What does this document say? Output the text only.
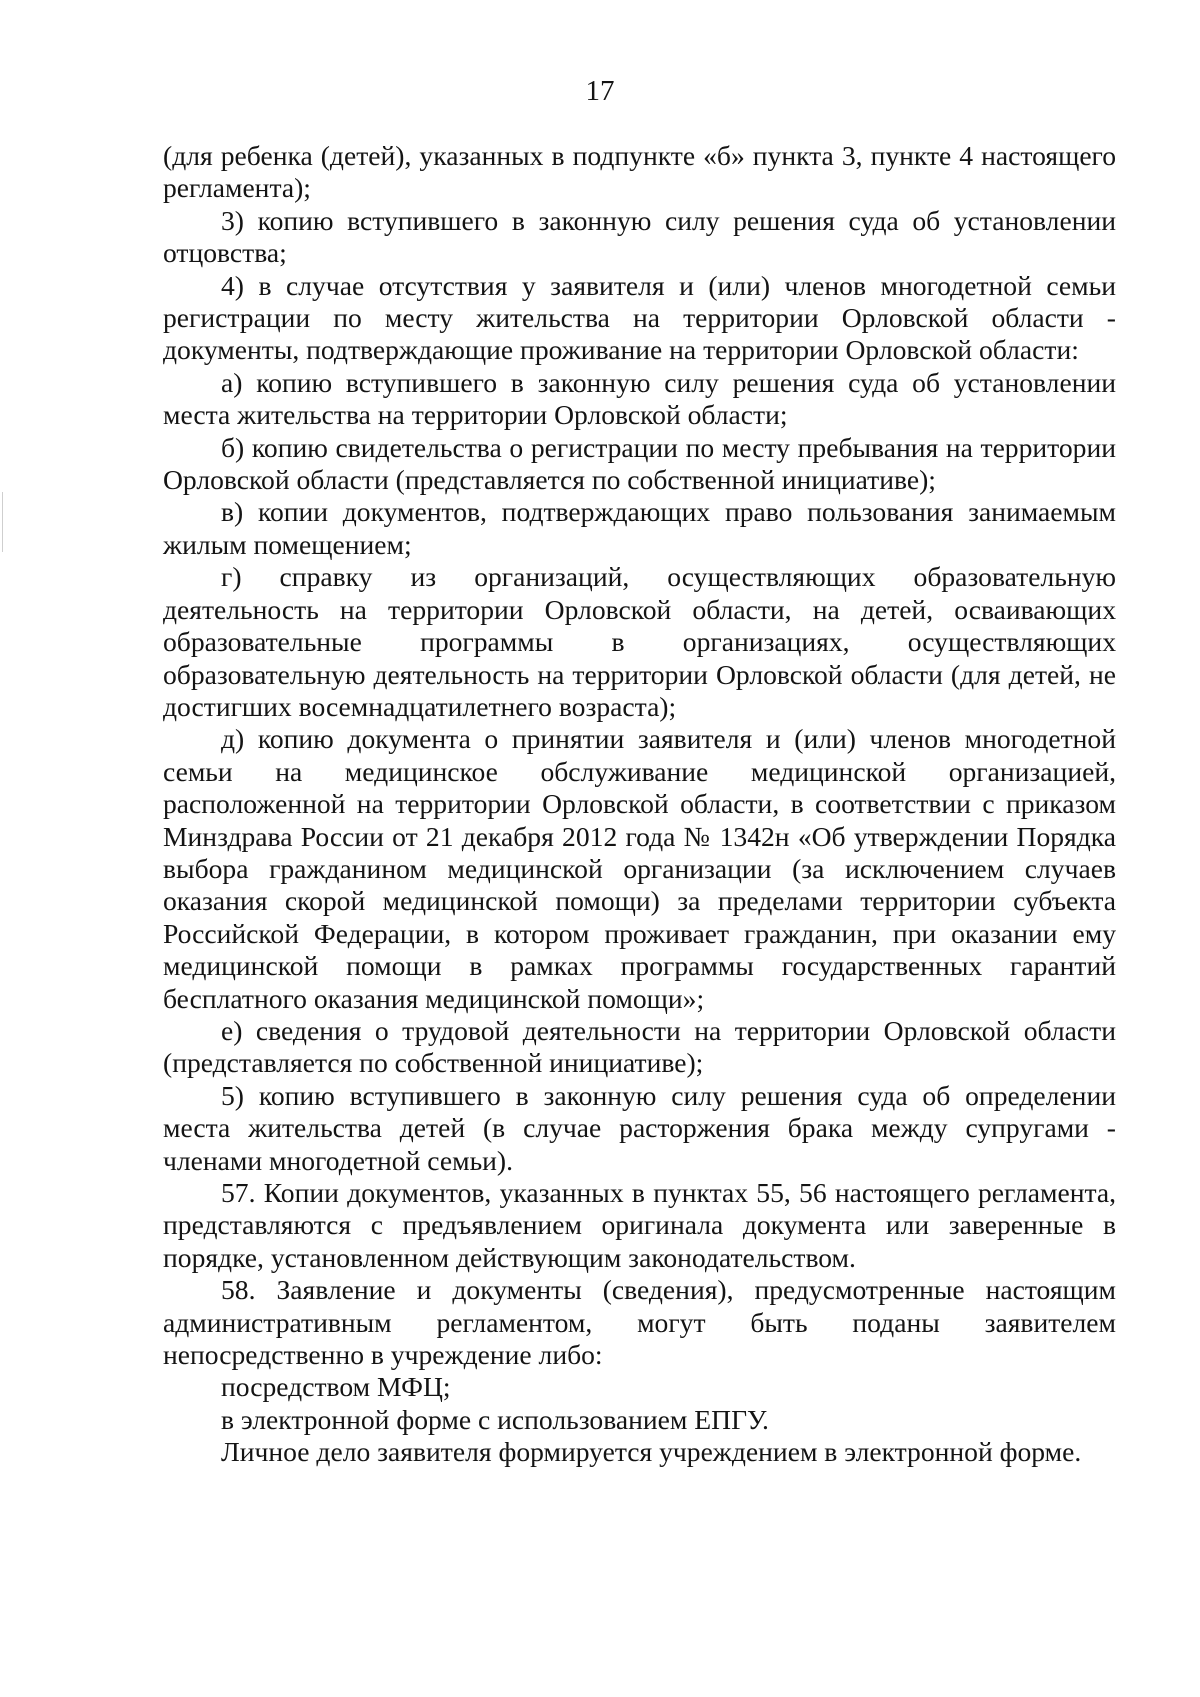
17

(для ребенка (детей), указанных в подпункте «б» пункта 3, пункте 4 настоящего регламента);

3) копию вступившего в законную силу решения суда об установлении отцовства;

4) в случае отсутствия у заявителя и (или) членов многодетной семьи регистрации по месту жительства на территории Орловской области - документы, подтверждающие проживание на территории Орловской области:

а) копию вступившего в законную силу решения суда об установлении места жительства на территории Орловской области;

б) копию свидетельства о регистрации по месту пребывания на территории Орловской области (представляется по собственной инициативе);

в) копии документов, подтверждающих право пользования занимаемым жилым помещением;

г) справку из организаций, осуществляющих образовательную деятельность на территории Орловской области, на детей, осваивающих образовательные программы в организациях, осуществляющих образовательную деятельность на территории Орловской области (для детей, не достигших восемнадцатилетнего возраста);

д) копию документа о принятии заявителя и (или) членов многодетной семьи на медицинское обслуживание медицинской организацией, расположенной на территории Орловской области, в соответствии с приказом Минздрава России от 21 декабря 2012 года № 1342н «Об утверждении Порядка выбора гражданином медицинской организации (за исключением случаев оказания скорой медицинской помощи) за пределами территории субъекта Российской Федерации, в котором проживает гражданин, при оказании ему медицинской помощи в рамках программы государственных гарантий бесплатного оказания медицинской помощи»;

е) сведения о трудовой деятельности на территории Орловской области (представляется по собственной инициативе);

5) копию вступившего в законную силу решения суда об определении места жительства детей (в случае расторжения брака между супругами - членами многодетной семьи).

57. Копии документов, указанных в пунктах 55, 56 настоящего регламента, представляются с предъявлением оригинала документа или заверенные в порядке, установленном действующим законодательством.

58. Заявление и документы (сведения), предусмотренные настоящим административным регламентом, могут быть поданы заявителем непосредственно в учреждение либо:

посредством МФЦ;

в электронной форме с использованием ЕПГУ.

Личное дело заявителя формируется учреждением в электронной форме.
